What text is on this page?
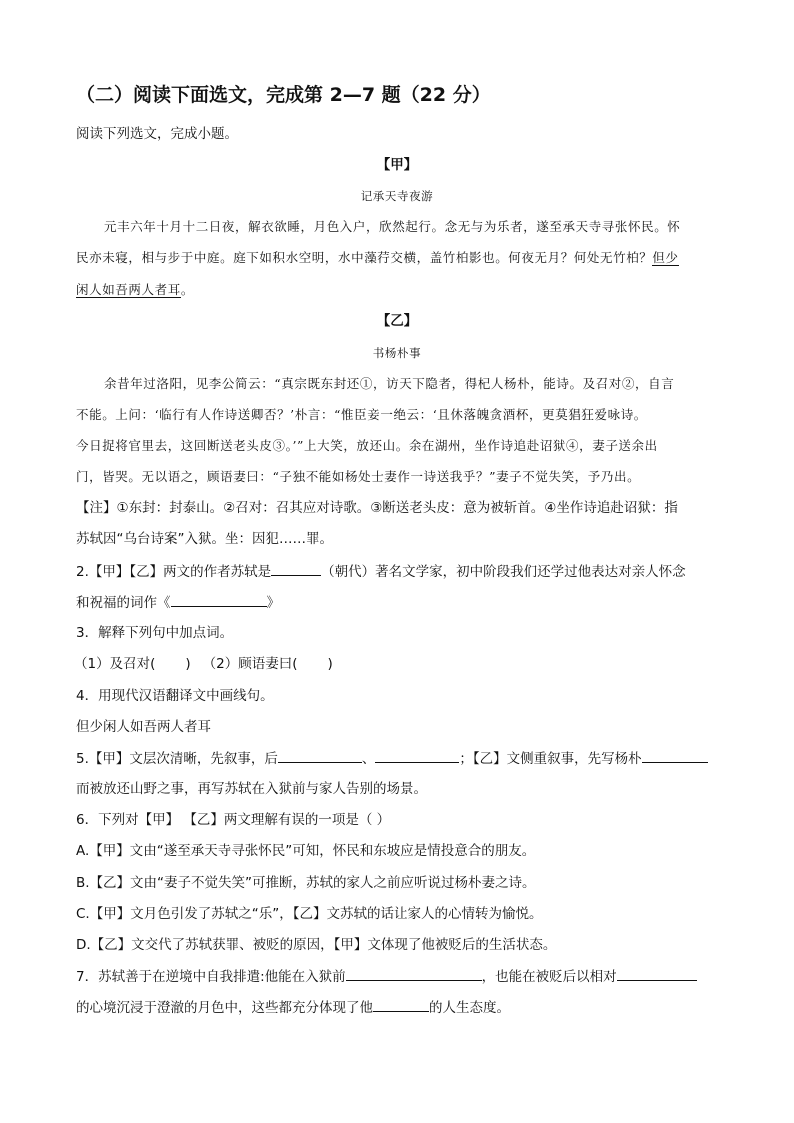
（二）阅读下面选文，完成第 2—7 题（22 分）
阅读下列选文，完成小题。
【甲】
记承天寺夜游
元丰六年十月十二日夜，解衣欲睡，月色入户，欣然起行。念无与为乐者，遂至承天寺寻张怀民。怀
民亦未寝，相与步于中庭。庭下如积水空明，水中藻荇交横，盖竹柏影也。何夜无月？何处无竹柏？但少
闲人如吾两人者耳。
【乙】
书杨朴事
余昔年过洛阳，见李公简云：“真宗既东封还①，访天下隐者，得杞人杨朴，能诗。及召对②，自言
不能。上问：‘临行有人作诗送卿否？’朴言：“惟臣妾一绝云：‘且休落魄贪酒杯，更莫猖狂爱咏诗。
今日捉将官里去，这回断送老头皮③。’”上大笑，放还山。余在湖州，坐作诗追赴诏狱④，妻子送余出
门，皆哭。无以语之，顾语妻曰：“子独不能如杨处士妻作一诗送我乎？”妻子不觉失笑，予乃出。
【注】①东封：封泰山。②召对：召其应对诗歌。③断送老头皮：意为被斩首。④坐作诗追赴诏狱：指
苏轼因“乌台诗案”入狱。坐：因犯……罪。
2.【甲】【乙】两文的作者苏轼是	（朝代）著名文学家，初中阶段我们还学过他表达对亲人怀念
和祝福的词作《	》
3．解释下列句中加点词。
（1）及召对( ) （2）顾语妻曰( )
4．用现代汉语翻译文中画线句。
但少闲人如吾两人者耳
5.【甲】文层次清晰，先叙事，后	、	；【乙】文侧重叙事，先写杨朴
而被放还山野之事，再写苏轼在入狱前与家人告别的场景。
6．下列对【甲】 【乙】两文理解有误的一项是（ ）
A.【甲】文由“遂至承天寺寻张怀民”可知，怀民和东坡应是情投意合的朋友。
B.【乙】文由“妻子不觉失笑”可推断，苏轼的家人之前应听说过杨朴妻之诗。
C.【甲】文月色引发了苏轼之“乐”，【乙】文苏轼的话让家人的心情转为愉悦。
D.【乙】文交代了苏轼获罪、被贬的原因，【甲】文体现了他被贬后的生活状态。
7．苏轼善于在逆境中自我排遣:他能在入狱前	，也能在被贬后以相对
的心境沉浸于澄澈的月色中，这些都充分体现了他	的人生态度。
